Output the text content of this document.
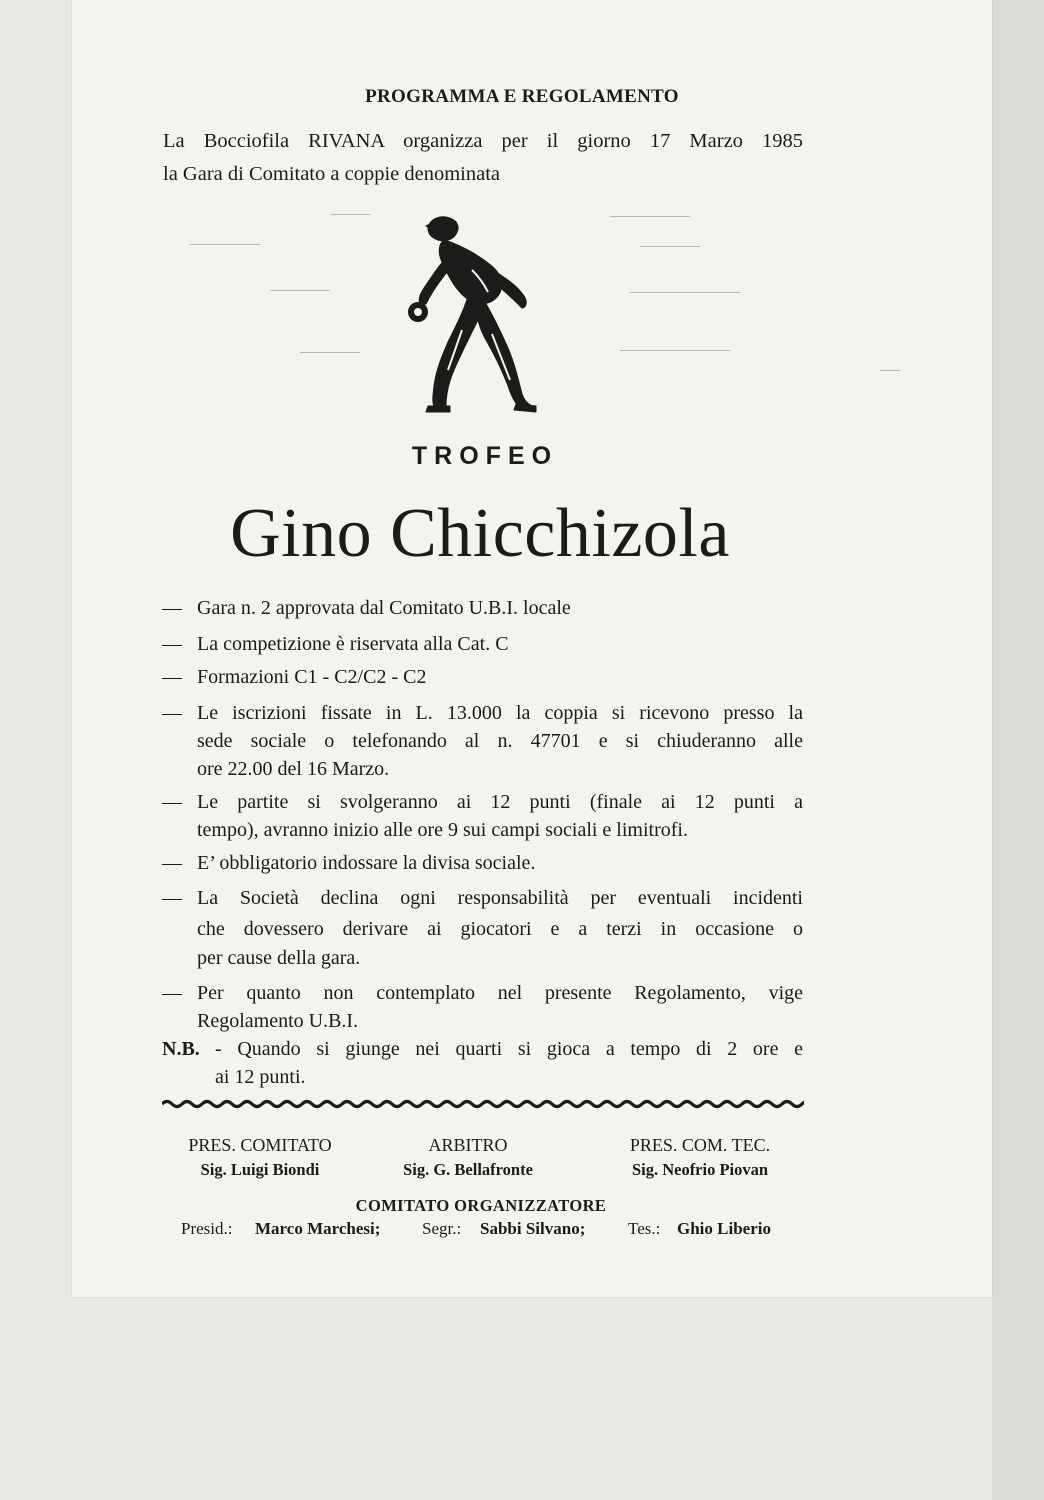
PROGRAMMA E REGOLAMENTO
La Bocciofila RIVANA organizza per il giorno 17 Marzo 1985
la Gara di Comitato a coppie denominata
TROFEO
Gino Chicchizola
— Gara n. 2 approvata dal Comitato U.B.I. locale
— La competizione è riservata alla Cat. C
— Formazioni C1 - C2/C2 - C2
— Le iscrizioni fissate in L. 13.000 la coppia si ricevono presso la
sede sociale o telefonando al n. 47701 e si chiuderanno alle
ore 22.00 del 16 Marzo.
— Le partite si svolgeranno ai 12 punti (finale ai 12 punti a
tempo), avranno inizio alle ore 9 sui campi sociali e limitrofi.
— E’ obbligatorio indossare la divisa sociale.
— La Società declina ogni responsabilità per eventuali incidenti
che dovessero derivare ai giocatori e a terzi in occasione o
per cause della gara.
— Per quanto non contemplato nel presente Regolamento, vige
Regolamento U.B.I.
N.B. - Quando si giunge nei quarti si gioca a tempo di 2 ore e
ai 12 punti.
PRES. COMITATO
Sig. Luigi Biondi
ARBITRO
Sig. G. Bellafronte
PRES. COM. TEC.
Sig. Neofrio Piovan
COMITATO ORGANIZZATORE
Presid.: Marco Marchesi; Segr.: Sabbi Silvano;	Tes.: Ghio Liberio
